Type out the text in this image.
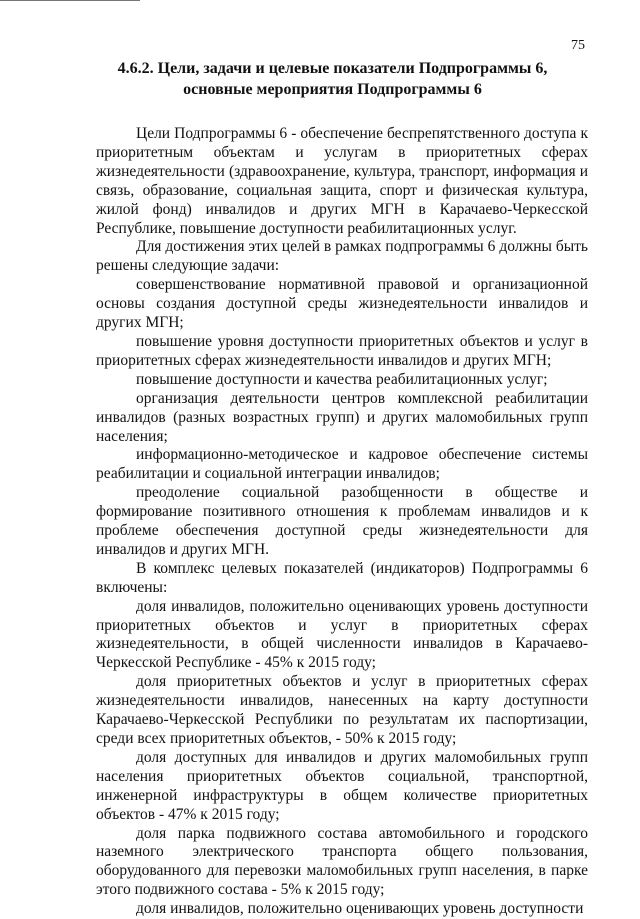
75
4.6.2. Цели, задачи и целевые показатели Подпрограммы 6,
основные мероприятия Подпрограммы 6

Цели Подпрограммы 6 - обеспечение беспрепятственного доступа к приоритетным объектам и услугам в приоритетных сферах жизнедеятельности (здравоохранение, культура, транспорт, информация и связь, образование, социальная защита, спорт и физическая культура, жилой фонд) инвалидов и других МГН в Карачаево-Черкесской Республике, повышение доступности реабилитационных услуг.

Для достижения этих целей в рамках подпрограммы 6 должны быть решены следующие задачи:

совершенствование нормативной правовой и организационной основы создания доступной среды жизнедеятельности инвалидов и других МГН;

повышение уровня доступности приоритетных объектов и услуг в приоритетных сферах жизнедеятельности инвалидов и других МГН;

повышение доступности и качества реабилитационных услуг;

организация деятельности центров комплексной реабилитации инвалидов (разных возрастных групп) и других маломобильных групп населения;

информационно-методическое и кадровое обеспечение системы реабилитации и социальной интеграции инвалидов;

преодоление социальной разобщенности в обществе и формирование позитивного отношения к проблемам инвалидов и к проблеме обеспечения доступной среды жизнедеятельности для инвалидов и других МГН.

В комплекс целевых показателей (индикаторов) Подпрограммы 6 включены:

доля инвалидов, положительно оценивающих уровень доступности приоритетных объектов и услуг в приоритетных сферах жизнедеятельности, в общей численности инвалидов в Карачаево-Черкесской Республике - 45% к 2015 году;

доля приоритетных объектов и услуг в приоритетных сферах жизнедеятельности инвалидов, нанесенных на карту доступности Карачаево-Черкесской Республики по результатам их паспортизации, среди всех приоритетных объектов, - 50% к 2015 году;

доля доступных для инвалидов и других маломобильных групп населения приоритетных объектов социальной, транспортной, инженерной инфраструктуры в общем количестве приоритетных объектов - 47% к 2015 году;

доля парка подвижного состава автомобильного и городского наземного электрического транспорта общего пользования, оборудованного для перевозки маломобильных групп населения, в парке этого подвижного состава - 5% к 2015 году;

доля инвалидов, положительно оценивающих уровень доступности
